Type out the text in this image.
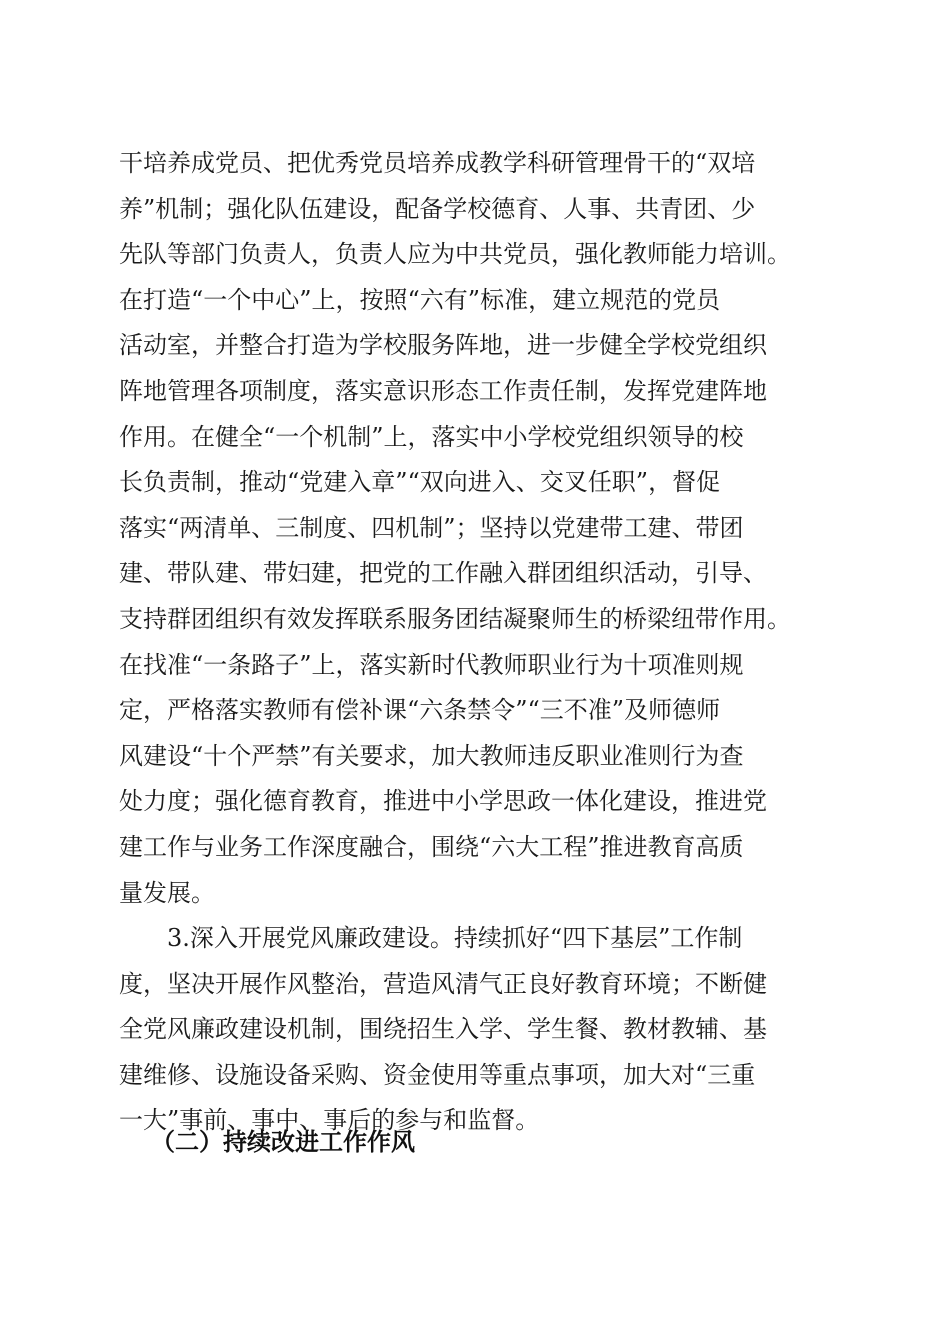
干培养成党员、把优秀党员培养成教学科研管理骨干的“双培
养”机制；强化队伍建设，配备学校德育、人事、共青团、少
先队等部门负责人，负责人应为中共党员，强化教师能力培训。
在打造“一个中心”上，按照“六有”标准，建立规范的党员
活动室，并整合打造为学校服务阵地，进一步健全学校党组织
阵地管理各项制度，落实意识形态工作责任制，发挥党建阵地
作用。在健全“一个机制”上，落实中小学校党组织领导的校
长负责制，推动“党建入章”“双向进入、交叉任职”，督促
落实“两清单、三制度、四机制”；坚持以党建带工建、带团
建、带队建、带妇建，把党的工作融入群团组织活动，引导、
支持群团组织有效发挥联系服务团结凝聚师生的桥梁纽带作用。
在找准“一条路子”上，落实新时代教师职业行为十项准则规
定，严格落实教师有偿补课“六条禁令”“三不准”及师德师
风建设“十个严禁”有关要求，加大教师违反职业准则行为查
处力度；强化德育教育，推进中小学思政一体化建设，推进党
建工作与业务工作深度融合，围绕“六大工程”推进教育高质
量发展。
3.深入开展党风廉政建设。持续抓好“四下基层”工作制
度，坚决开展作风整治，营造风清气正良好教育环境；不断健
全党风廉政建设机制，围绕招生入学、学生餐、教材教辅、基
建维修、设施设备采购、资金使用等重点事项，加大对“三重
一大”事前、事中、事后的参与和监督。
（二）持续改进工作作风
